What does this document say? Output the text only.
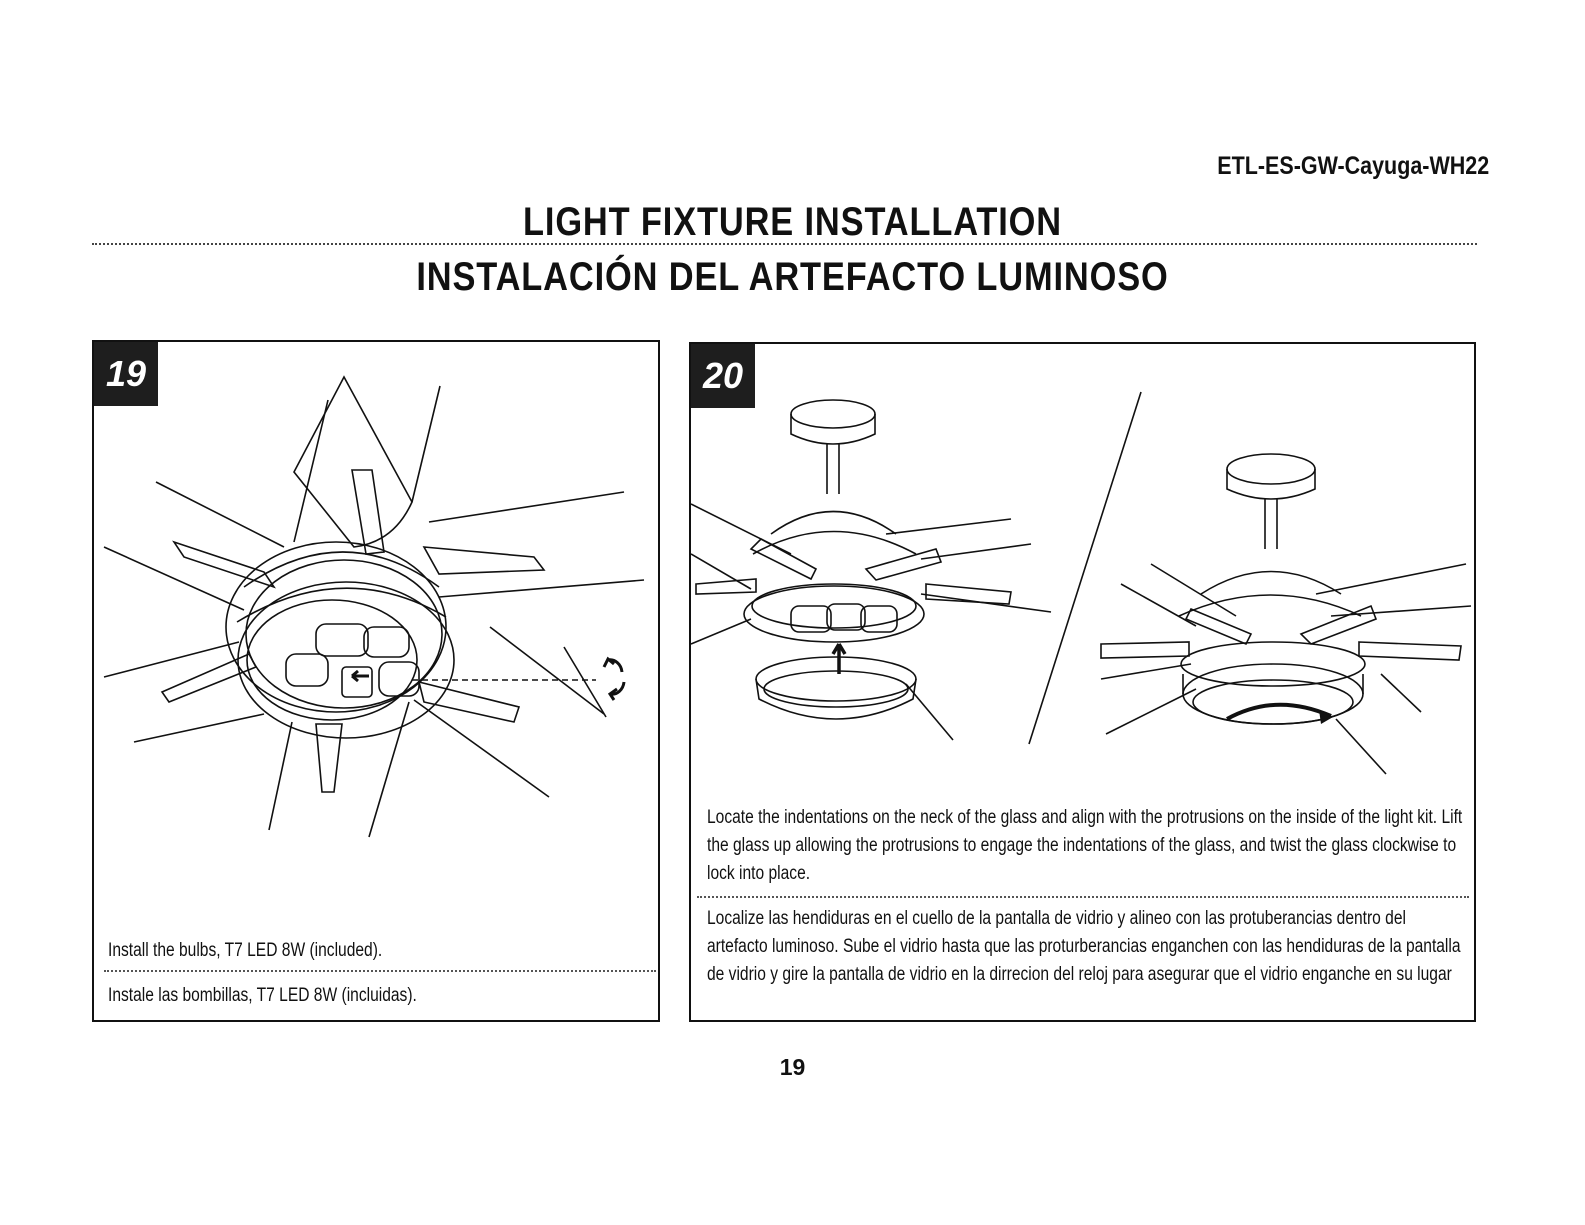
ETL-ES-GW-Cayuga-WH22
LIGHT FIXTURE INSTALLATION
INSTALACIÓN DEL ARTEFACTO LUMINOSO
19
Install the bulbs, T7 LED 8W (included).
Instale las bombillas, T7 LED 8W (incluidas).
20
Locate the indentations on the neck of the glass and align with the protrusions on the inside of the light kit. Lift the glass up allowing the protrusions to engage the indentations of the glass, and twist the glass clockwise to lock into place.
Localize las hendiduras en el cuello de la pantalla de vidrio y alineo con las protuberancias dentro del artefacto luminoso. Sube el vidrio hasta que las proturberancias enganchen con las hendiduras de la pantalla de vidrio y gire la pantalla de vidrio en la dirrecion del reloj para asegurar que el vidrio enganche en su lugar
19
